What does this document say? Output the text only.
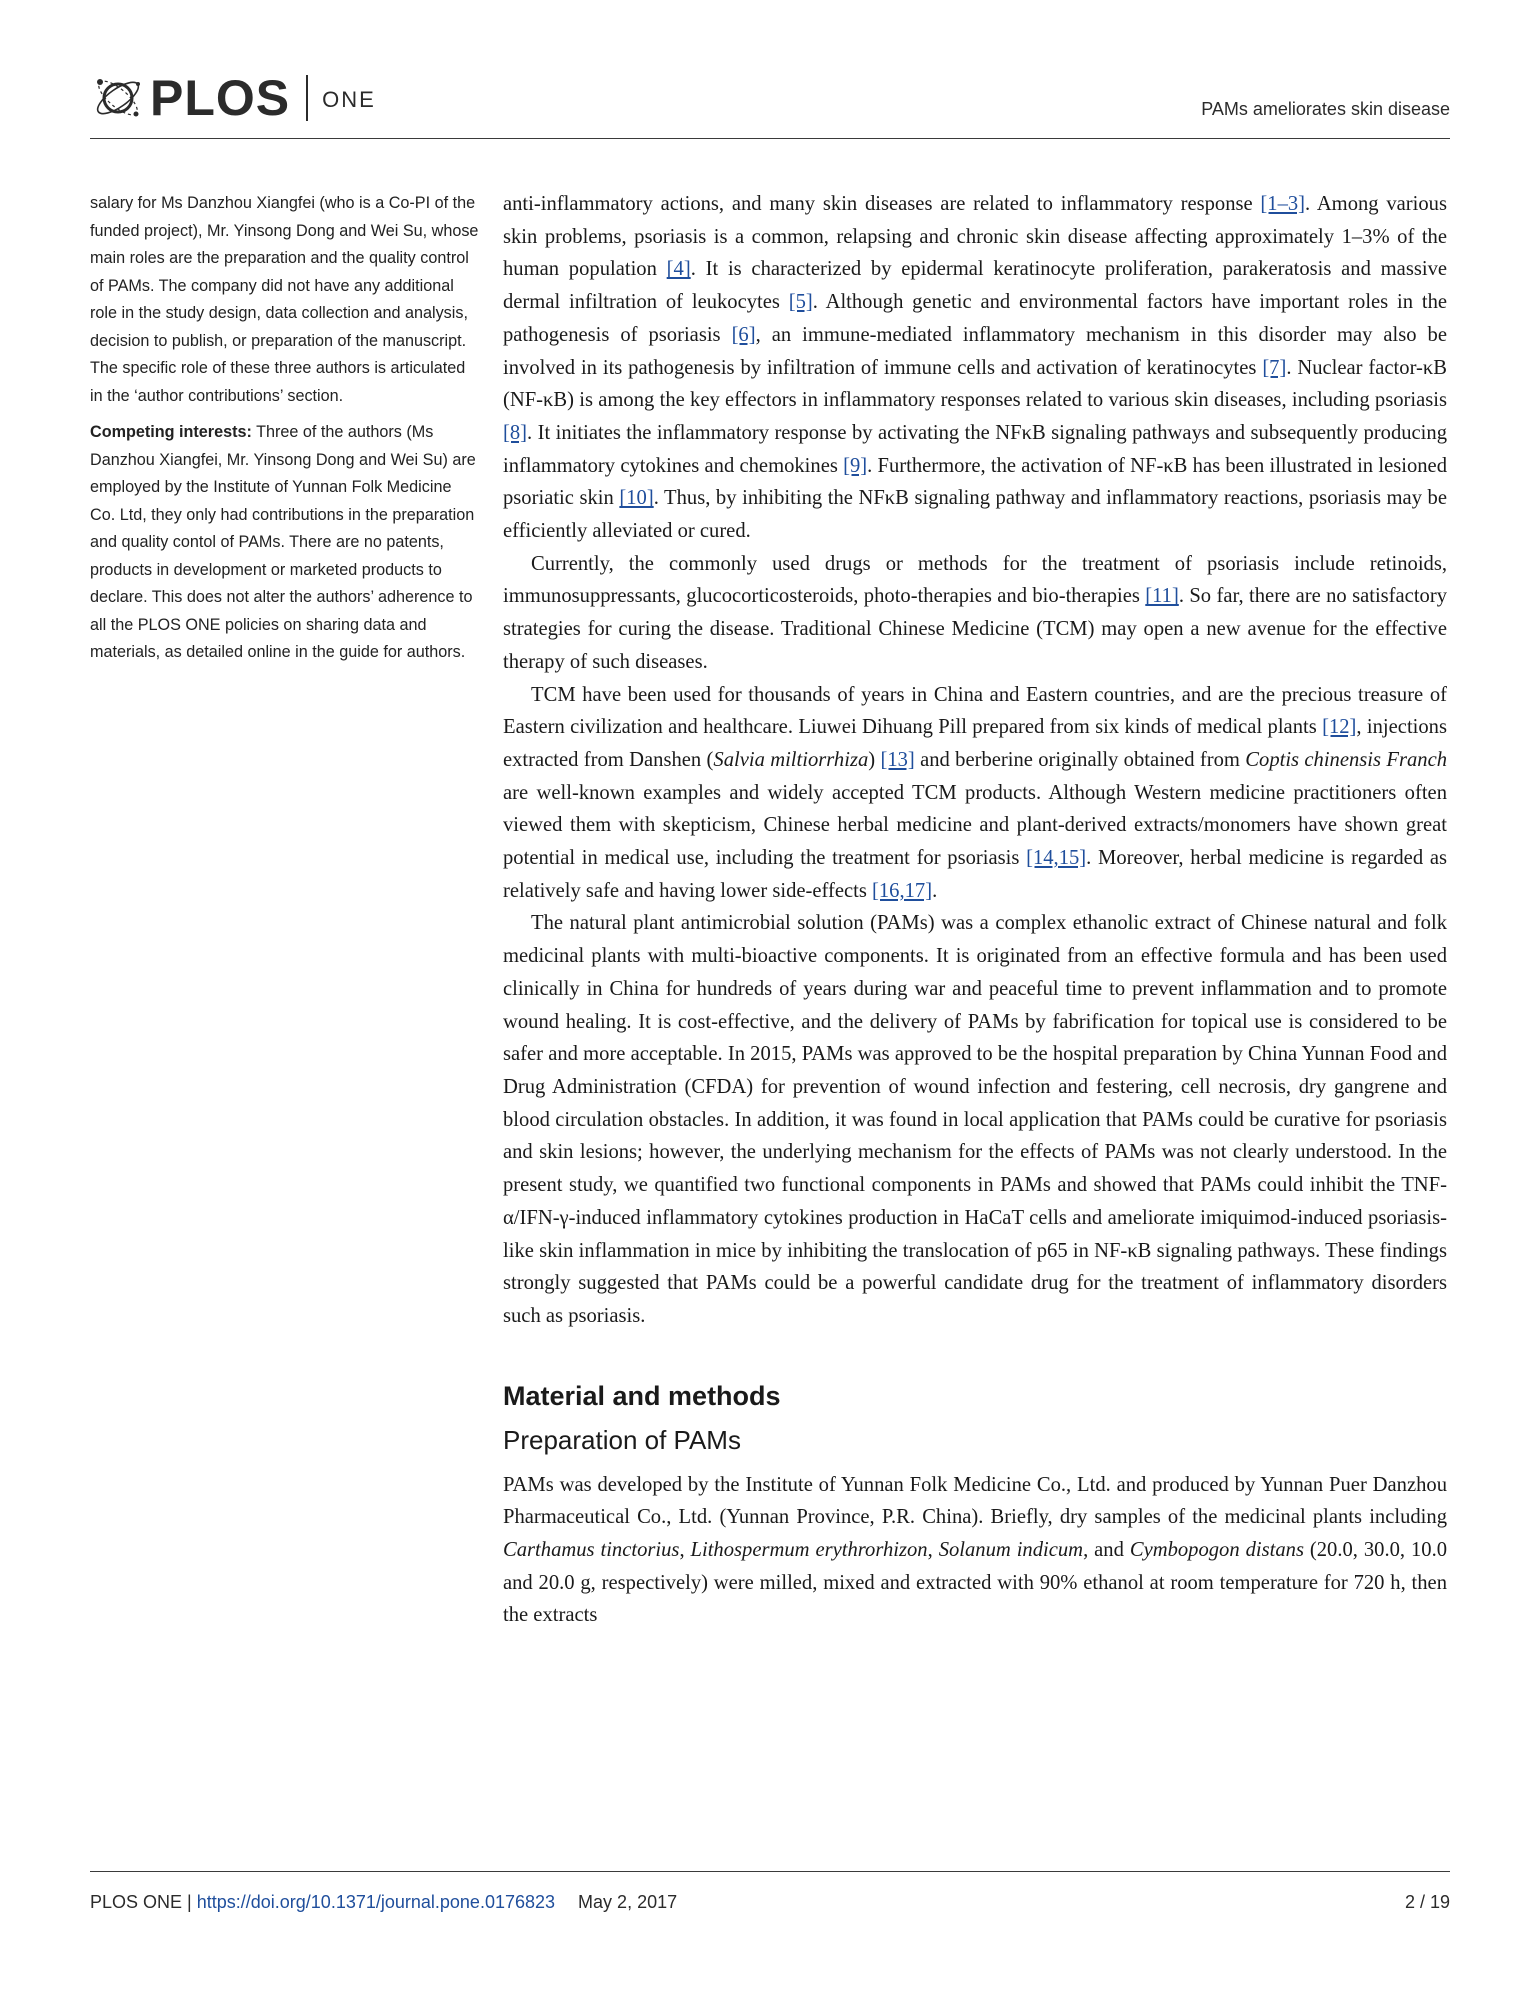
PLOS ONE	PAMs ameliorates skin disease

salary for Ms Danzhou Xiangfei (who is a Co-PI of the funded project), Mr. Yinsong Dong and Wei Su, whose main roles are the preparation and the quality control of PAMs. The company did not have any additional role in the study design, data collection and analysis, decision to publish, or preparation of the manuscript. The specific role of these three authors is articulated in the ‘author contributions’ section.

Competing interests: Three of the authors (Ms Danzhou Xiangfei, Mr. Yinsong Dong and Wei Su) are employed by the Institute of Yunnan Folk Medicine Co. Ltd, they only had contributions in the preparation and quality contol of PAMs. There are no patents, products in development or marketed products to declare. This does not alter the authors’ adherence to all the PLOS ONE policies on sharing data and materials, as detailed online in the guide for authors.

anti-inflammatory actions, and many skin diseases are related to inflammatory response [1–3]. Among various skin problems, psoriasis is a common, relapsing and chronic skin disease affecting approximately 1–3% of the human population [4]. It is characterized by epidermal keratinocyte proliferation, parakeratosis and massive dermal infiltration of leukocytes [5]. Although genetic and environmental factors have important roles in the pathogenesis of psoriasis [6], an immune-mediated inflammatory mechanism in this disorder may also be involved in its pathogenesis by infiltration of immune cells and activation of keratinocytes [7]. Nuclear factor-κB (NF-κB) is among the key effectors in inflammatory responses related to various skin diseases, including psoriasis [8]. It initiates the inflammatory response by activating the NFκB signaling pathways and subsequently producing inflammatory cytokines and chemokines [9]. Furthermore, the activation of NF-κB has been illustrated in lesioned psoriatic skin [10]. Thus, by inhibiting the NFκB signaling pathway and inflammatory reactions, psoriasis may be efficiently alleviated or cured.

Currently, the commonly used drugs or methods for the treatment of psoriasis include retinoids, immunosuppressants, glucocorticosteroids, photo-therapies and bio-therapies [11]. So far, there are no satisfactory strategies for curing the disease. Traditional Chinese Medicine (TCM) may open a new avenue for the effective therapy of such diseases.

TCM have been used for thousands of years in China and Eastern countries, and are the precious treasure of Eastern civilization and healthcare. Liuwei Dihuang Pill prepared from six kinds of medical plants [12], injections extracted from Danshen (Salvia miltiorrhiza) [13] and berberine originally obtained from Coptis chinensis Franch are well-known examples and widely accepted TCM products. Although Western medicine practitioners often viewed them with skepticism, Chinese herbal medicine and plant-derived extracts/monomers have shown great potential in medical use, including the treatment for psoriasis [14,15]. Moreover, herbal medicine is regarded as relatively safe and having lower side-effects [16,17].

The natural plant antimicrobial solution (PAMs) was a complex ethanolic extract of Chinese natural and folk medicinal plants with multi-bioactive components. It is originated from an effective formula and has been used clinically in China for hundreds of years during war and peaceful time to prevent inflammation and to promote wound healing. It is cost-effective, and the delivery of PAMs by fabrification for topical use is considered to be safer and more acceptable. In 2015, PAMs was approved to be the hospital preparation by China Yunnan Food and Drug Administration (CFDA) for prevention of wound infection and festering, cell necrosis, dry gangrene and blood circulation obstacles. In addition, it was found in local application that PAMs could be curative for psoriasis and skin lesions; however, the underlying mechanism for the effects of PAMs was not clearly understood. In the present study, we quantified two functional components in PAMs and showed that PAMs could inhibit the TNF-α/IFN-γ-induced inflammatory cytokines production in HaCaT cells and ameliorate imiquimod-induced psoriasis-like skin inflammation in mice by inhibiting the translocation of p65 in NF-κB signaling pathways. These findings strongly suggested that PAMs could be a powerful candidate drug for the treatment of inflammatory disorders such as psoriasis.

Material and methods
Preparation of PAMs

PAMs was developed by the Institute of Yunnan Folk Medicine Co., Ltd. and produced by Yunnan Puer Danzhou Pharmaceutical Co., Ltd. (Yunnan Province, P.R. China). Briefly, dry samples of the medicinal plants including Carthamus tinctorius, Lithospermum erythrorhizon, Solanum indicum, and Cymbopogon distans (20.0, 30.0, 10.0 and 20.0 g, respectively) were milled, mixed and extracted with 90% ethanol at room temperature for 720 h, then the extracts

PLOS ONE | https://doi.org/10.1371/journal.pone.0176823 May 2, 2017	2 / 19
